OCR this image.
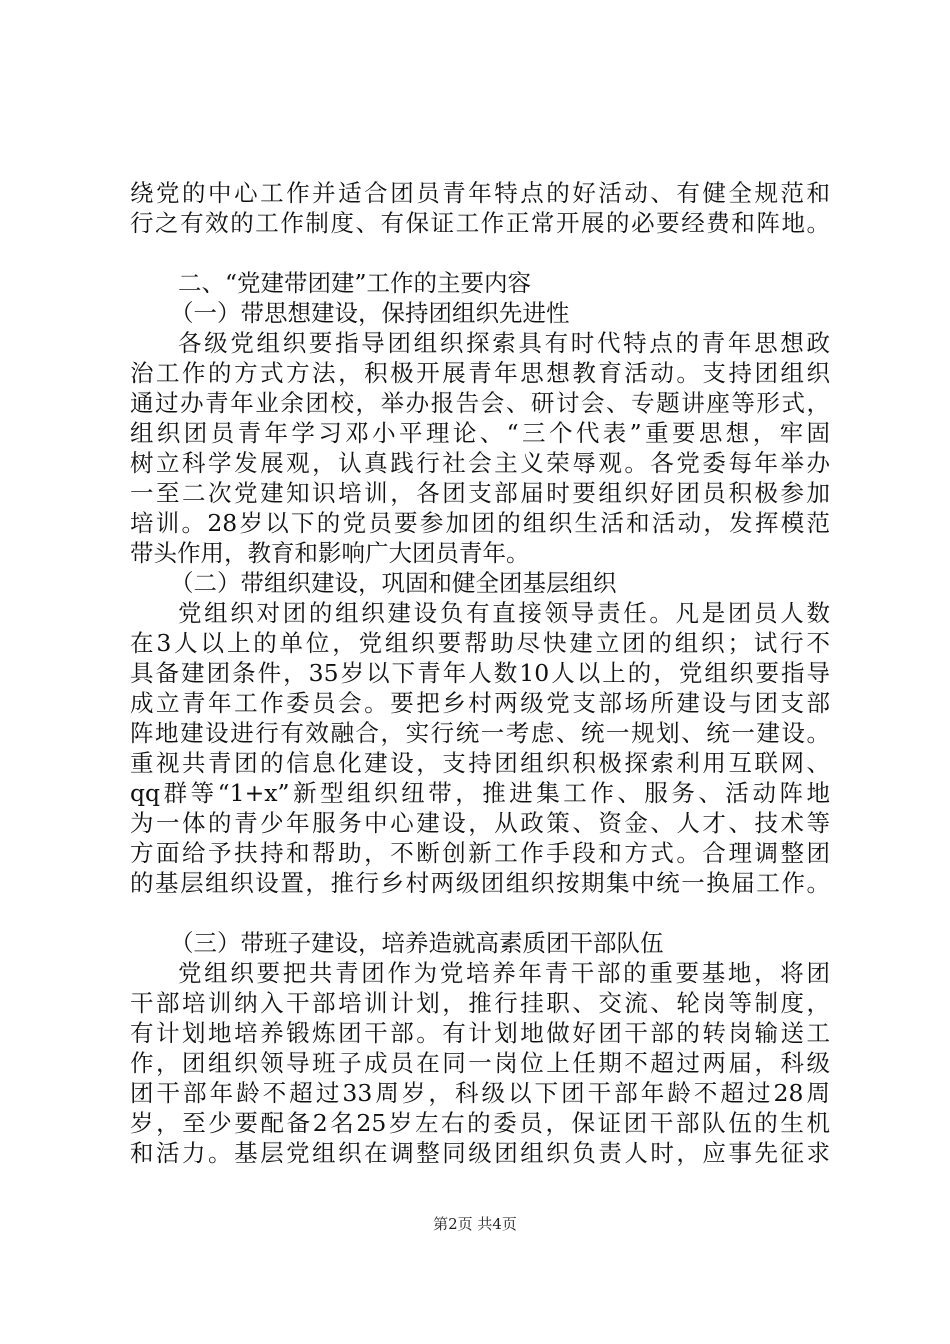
绕党的中心工作并适合团员青年特点的好活动、有健全规范和
行之有效的工作制度、有保证工作正常开展的必要经费和阵地。
二、“党建带团建”工作的主要内容
（一）带思想建设，保持团组织先进性
各级党组织要指导团组织探索具有时代特点的青年思想政
治工作的方式方法，积极开展青年思想教育活动。支持团组织
通过办青年业余团校，举办报告会、研讨会、专题讲座等形式，
组织团员青年学习邓小平理论、“三个代表”重要思想，牢固
树立科学发展观，认真践行社会主义荣辱观。各党委每年举办
一至二次党建知识培训，各团支部届时要组织好团员积极参加
培训。28岁以下的党员要参加团的组织生活和活动，发挥模范
带头作用，教育和影响广大团员青年。
（二）带组织建设，巩固和健全团基层组织
党组织对团的组织建设负有直接领导责任。凡是团员人数
在3人以上的单位，党组织要帮助尽快建立团的组织；试行不
具备建团条件，35岁以下青年人数10人以上的，党组织要指导
成立青年工作委员会。要把乡村两级党支部场所建设与团支部
阵地建设进行有效融合，实行统一考虑、统一规划、统一建设。
重视共青团的信息化建设，支持团组织积极探索利用互联网、
qq群等“1+x”新型组织纽带，推进集工作、服务、活动阵地
为一体的青少年服务中心建设，从政策、资金、人才、技术等
方面给予扶持和帮助，不断创新工作手段和方式。合理调整团
的基层组织设置，推行乡村两级团组织按期集中统一换届工作。
（三）带班子建设，培养造就高素质团干部队伍
党组织要把共青团作为党培养年青干部的重要基地，将团
干部培训纳入干部培训计划，推行挂职、交流、轮岗等制度，
有计划地培养锻炼团干部。有计划地做好团干部的转岗输送工
作，团组织领导班子成员在同一岗位上任期不超过两届，科级
团干部年龄不超过33周岁，科级以下团干部年龄不超过28周
岁，至少要配备2名25岁左右的委员，保证团干部队伍的生机
和活力。基层党组织在调整同级团组织负责人时，应事先征求
第2页 共4页
